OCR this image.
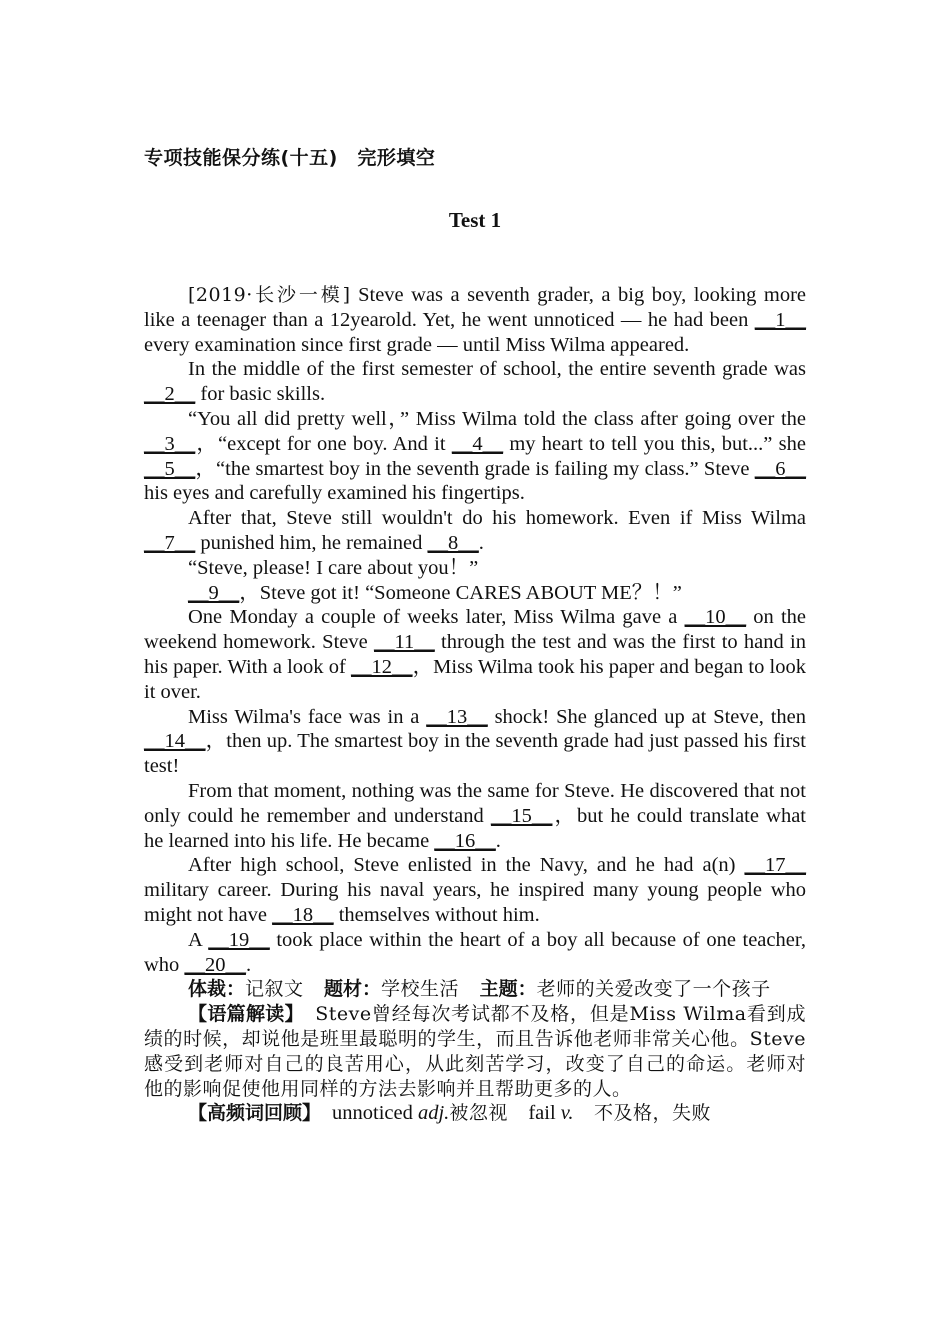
专项技能保分练(十五)　完形填空
Test 1

[2019·长沙一模] Steve was a seventh grader, a big boy, looking more like a teenager than a 12yearold. Yet, he went unnoticed — he had been __1__ every examination since first grade — until Miss Wilma appeared.

In the middle of the first semester of school, the entire seventh grade was __2__ for basic skills.

“You all did pretty well，” Miss Wilma told the class after going over the __3__，“except for one boy. And it __4__ my heart to tell you this, but...” she __5__，“the smartest boy in the seventh grade is failing my class.” Steve __6__ his eyes and carefully examined his fingertips.

After that, Steve still wouldn't do his homework. Even if Miss Wilma __7__ punished him, he remained __8__.

“Steve, please! I care about you！”

__9__，Steve got it! “Someone CARES ABOUT ME？！”

One Monday a couple of weeks later, Miss Wilma gave a __10__ on the weekend homework. Steve __11__ through the test and was the first to hand in his paper. With a look of __12__，Miss Wilma took his paper and began to look it over.

Miss Wilma's face was in a __13__ shock! She glanced up at Steve, then __14__，then up. The smartest boy in the seventh grade had just passed his first test!

From that moment, nothing was the same for Steve. He discovered that not only could he remember and understand __15__，but he could translate what he learned into his life. He became __16__.

After high school, Steve enlisted in the Navy, and he had a(n) __17__ military career. During his naval years, he inspired many young people who might not have __18__ themselves without him.

A __19__ took place within the heart of a boy all because of one teacher, who __20__.

体裁：记叙文　 题材：学校生活　 主题：老师的关爱改变了一个孩子

【语篇解读】　 Steve曾经每次考试都不及格，但是Miss Wilma看到成绩的时候，却说他是班里最聪明的学生，而且告诉他老师非常关心他。Steve感受到老师对自己的良苦用心，从此刻苦学习，改变了自己的命运。老师对他的影响促使他用同样的方法去影响并且帮助更多的人。

【高频词回顾】　 unnoticed adj.被忽视　 fail v.　 不及格，失败
